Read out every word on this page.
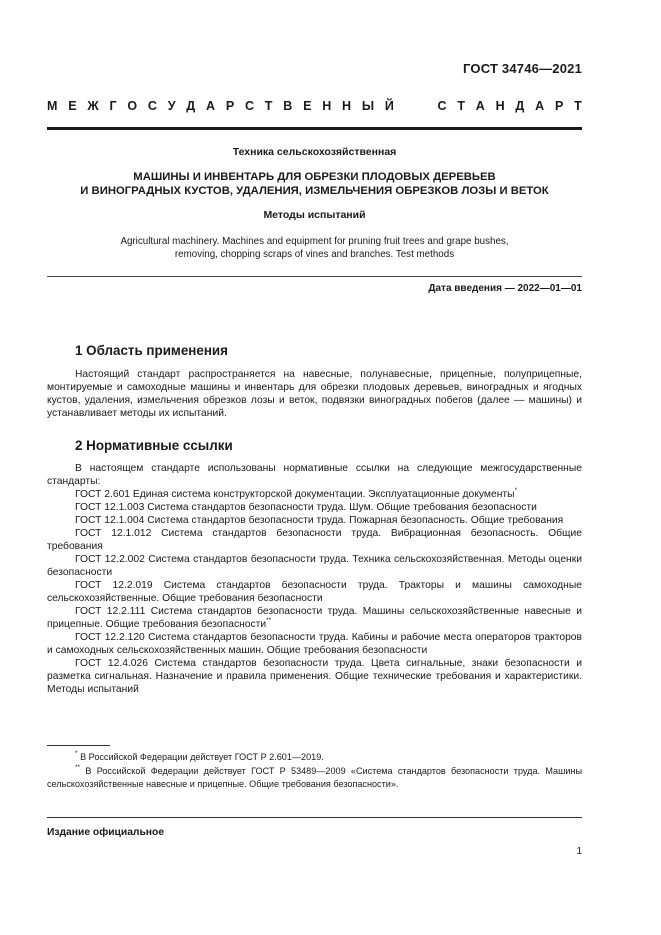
ГОСТ 34746—2021
М Е Ж Г О С У Д А Р С Т В Е Н Н Ы Й	С Т А Н Д А Р Т
Техника сельскохозяйственная
МАШИНЫ И ИНВЕНТАРЬ ДЛЯ ОБРЕЗКИ ПЛОДОВЫХ ДЕРЕВЬЕВ
И ВИНОГРАДНЫХ КУСТОВ, УДАЛЕНИЯ, ИЗМЕЛЬЧЕНИЯ ОБРЕЗКОВ ЛОЗЫ И ВЕТОК
Методы испытаний
Agricultural machinery. Machines and equipment for pruning fruit trees and grape bushes,
removing, chopping scraps of vines and branches. Test methods
Дата введения — 2022—01—01
1 Область применения

Настоящий стандарт распространяется на навесные, полунавесные, прицепные, полуприцепные, монтируемые и самоходные машины и инвентарь для обрезки плодовых деревьев, виноградных и ягодных кустов, удаления, измельчения обрезков лозы и веток, подвязки виноградных побегов (далее — машины) и устанавливает методы их испытаний.

2 Нормативные ссылки

В настоящем стандарте использованы нормативные ссылки на следующие межгосударственные стандарты:

ГОСТ 2.601 Единая система конструкторской документации. Эксплуатационные документы*

ГОСТ 12.1.003 Система стандартов безопасности труда. Шум. Общие требования безопасности

ГОСТ 12.1.004 Система стандартов безопасности труда. Пожарная безопасность. Общие требования

ГОСТ 12.1.012 Система стандартов безопасности труда. Вибрационная безопасность. Общие требования

ГОСТ 12.2.002 Система стандартов безопасности труда. Техника сельскохозяйственная. Методы оценки безопасности

ГОСТ 12.2.019 Система стандартов безопасности труда. Тракторы и машины самоходные сельскохозяйственные. Общие требования безопасности

ГОСТ 12.2.111 Система стандартов безопасности труда. Машины сельскохозяйственные навесные и прицепные. Общие требования безопасности**

ГОСТ 12.2.120 Система стандартов безопасности труда. Кабины и рабочие места операторов тракторов и самоходных сельскохозяйственных машин. Общие требования безопасности

ГОСТ 12.4.026 Система стандартов безопасности труда. Цвета сигнальные, знаки безопасности и разметка сигнальная. Назначение и правила применения. Общие технические требования и характеристики. Методы испытаний

* В Российской Федерации действует ГОСТ Р 2.601—2019.

** В Российской Федерации действует ГОСТ Р 53489—2009 «Система стандартов безопасности труда. Машины сельскохозяйственные навесные и прицепные. Общие требования безопасности».

Издание официальное
1
